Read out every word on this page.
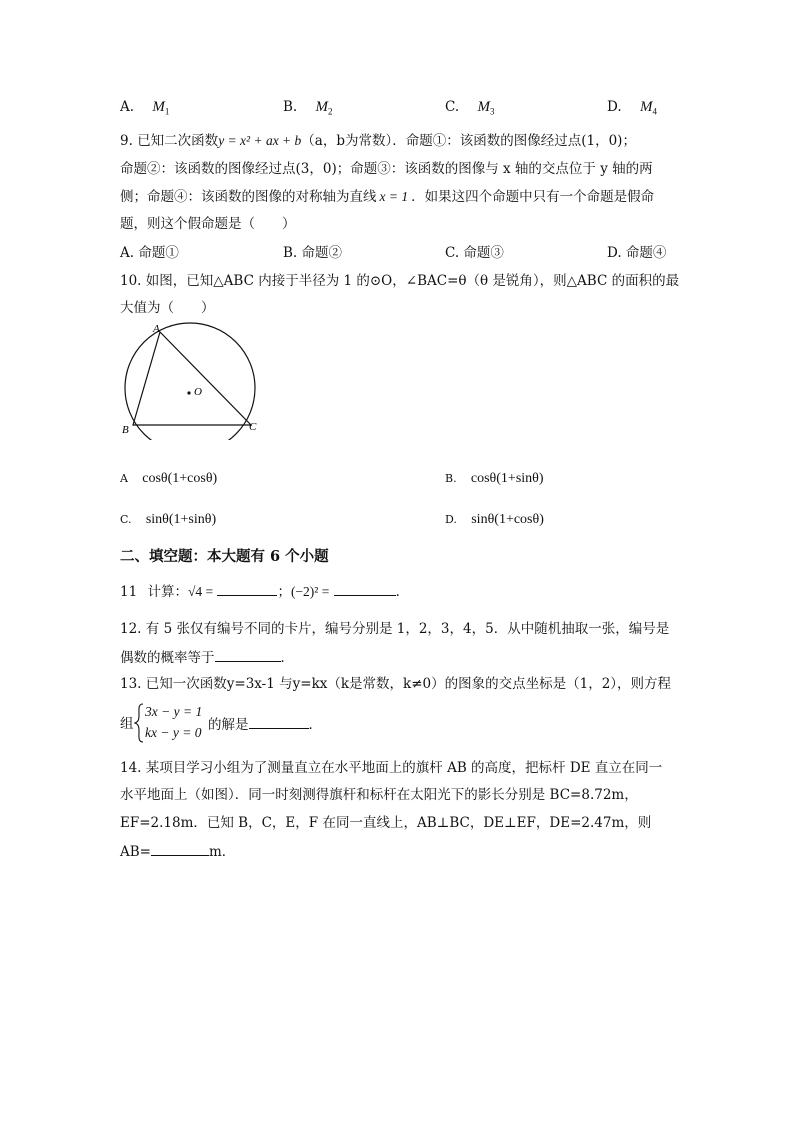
A. $M_1$	B. $M_2$	C. $M_3$	D. $M_4$
9. 已知二次函数y = x² + ax + b（a，b为常数）．命题①：该函数的图像经过点(1，0)；
命题②：该函数的图像经过点(3，0)；命题③：该函数的图像与 x 轴的交点位于 y 轴的两
侧；命题④：该函数的图像的对称轴为直线 x = 1 ．如果这四个命题中只有一个命题是假命
题，则这个假命题是（　　）
A. 命题①	B. 命题②	C. 命题③	D. 命题④
10. 如图，已知△ABC 内接于半径为 1 的⊙O，∠BAC=θ（θ 是锐角），则△ABC 的面积的最
大值为（　　）
A
B	C
O
A cosθ(1+cosθ)	B. cosθ(1+sinθ)
C. sinθ(1+sinθ)	D. sinθ(1+cosθ)
二、填空题：本大题有 6 个小题
11 计算：√4 =	；(−2)² =	．
12. 有 5 张仅有编号不同的卡片，编号分别是 1，2，3，4，5．从中随机抽取一张，编号是
偶数的概率等于	．
13. 已知一次函数y=3x-1 与y=kx（k是常数，k≠0）的图象的交点坐标是（1，2），则方程
组
3x − y = 1
kx − y = 0 的解是	．
14. 某项目学习小组为了测量直立在水平地面上的旗杆 AB 的高度，把标杆 DE 直立在同一
水平地面上（如图）．同一时刻测得旗杆和标杆在太阳光下的影长分别是 BC=8.72m，
EF=2.18m．已知 B，C，E，F 在同一直线上，AB⊥BC，DE⊥EF，DE=2.47m，则
AB=	m．
